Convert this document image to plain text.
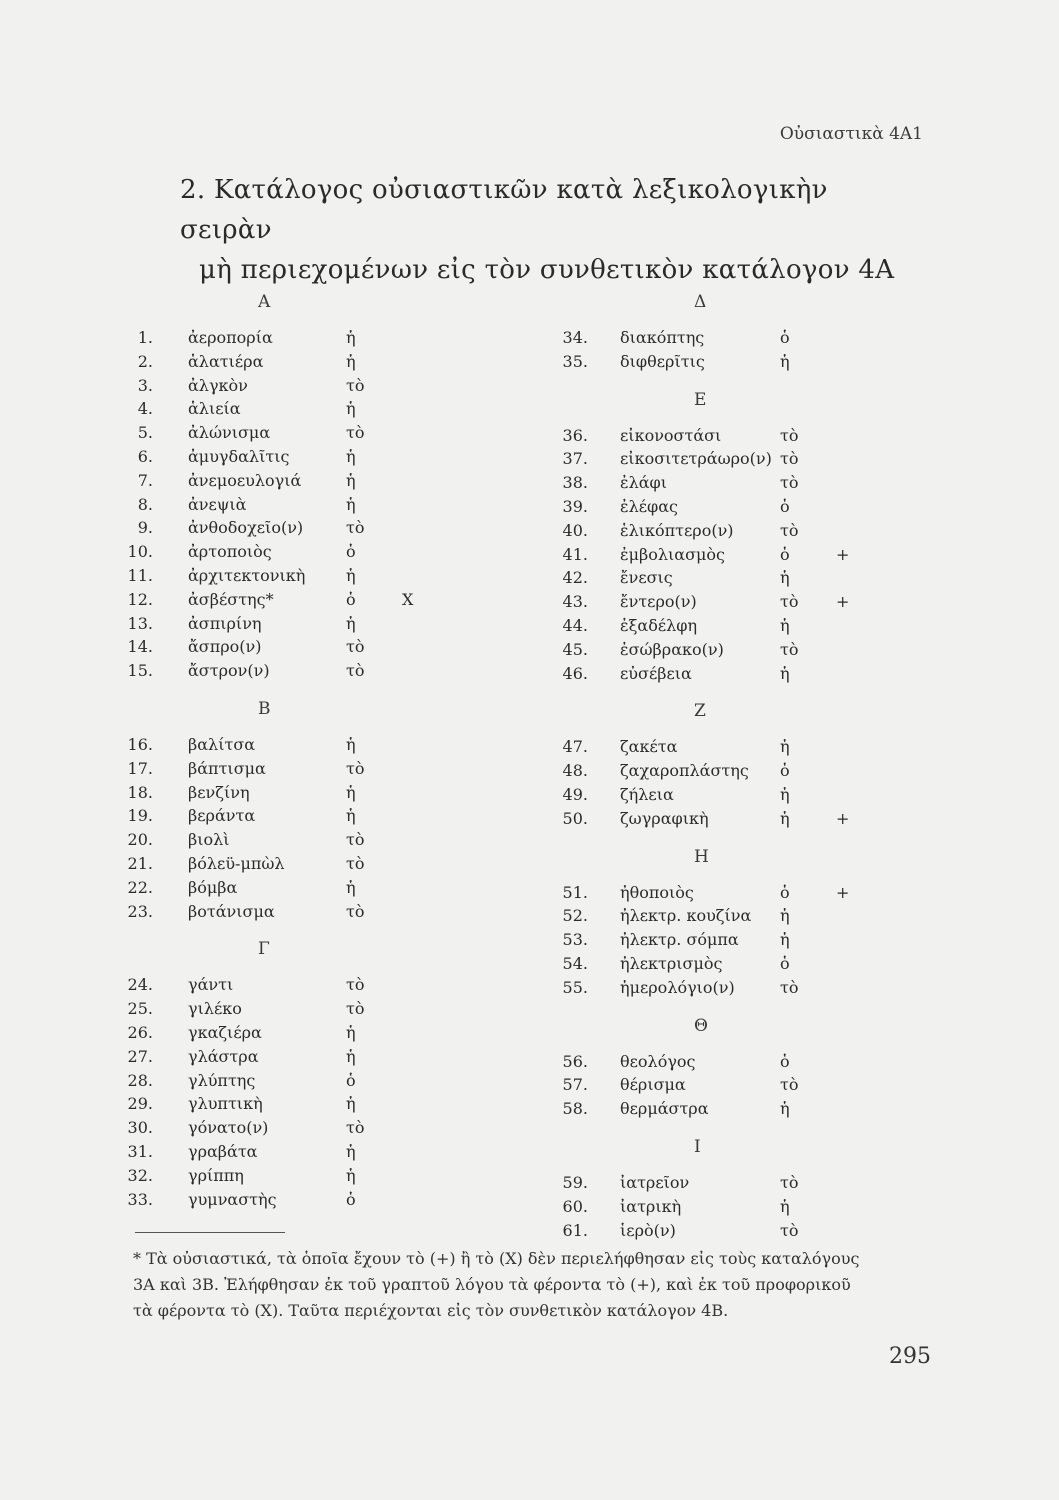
Οὐσιαστικὰ 4Α1
2. Κατάλογος οὐσιαστικῶν κατὰ λεξικολογικὴν σειρὰν
μὴ περιεχομένων εἰς τὸν συνθετικὸν κατάλογον 4Α
Α
1. ἀεροπορία	ἡ
2. ἁλατιέρα	ἡ
3. ἀλγκὸν	τὸ
4. ἁλιεία	ἡ
5. ἀλώνισμα	τὸ
6. ἀμυγδαλῖτις	ἡ
7. ἀνεμοευλογιά	ἡ
8. ἀνεψιὰ	ἡ
9. ἀνθοδοχεῖο(ν)	τὸ
10. ἀρτοποιὸς	ὁ
11. ἀρχιτεκτονικὴ	ἡ
12. ἀσβέστης*	ὁ	Χ
13. ἀσπιρίνη	ἡ
14. ἄσπρο(ν)	τὸ
15. ἄστρον(ν)	τὸ
Β
16. βαλίτσα	ἡ
17. βάπτισμα	τὸ
18. βενζίνη	ἡ
19. βεράντα	ἡ
20. βιολὶ	τὸ
21. βόλεϋ-μπὼλ	τὸ
22. βόμβα	ἡ
23. βοτάνισμα	τὸ
Γ
24. γάντι	τὸ
25. γιλέκο	τὸ
26. γκαζιέρα	ἡ
27. γλάστρα	ἡ
28. γλύπτης	ὁ
29. γλυπτικὴ	ἡ
30. γόνατο(ν)	τὸ
31. γραβάτα	ἡ
32. γρίππη	ἡ
33. γυμναστὴς	ὁ
Δ
34. διακόπτης	ὁ
35. διφθερῖτις	ἡ
Ε
36. εἰκονοστάσι	τὸ
37. εἰκοσιτετράωρο(ν) τὸ
38. ἐλάφι	τὸ
39. ἐλέφας	ὁ
40. ἑλικόπτερο(ν)	τὸ
41. ἐμβολιασμὸς	ὁ	+
42. ἔνεσις	ἡ
43. ἔντερο(ν)	τὸ +
44. ἐξαδέλφη	ἡ
45. ἐσώβρακο(ν)	τὸ
46. εὐσέβεια	ἡ
Ζ
47. ζακέτα	ἡ
48. ζαχαροπλάστης ὁ
49. ζήλεια	ἡ
50. ζωγραφικὴ	ἡ	+
Η
51. ἠθοποιὸς	ὁ	+
52. ἠλεκτρ. κουζίνα ἡ
53. ἠλεκτρ. σόμπα	ἡ
54. ἠλεκτρισμὸς	ὁ
55. ἡμερολόγιο(ν)	τὸ
Θ
56. θεολόγος	ὁ
57. θέρισμα	τὸ
58. θερμάστρα	ἡ
Ι
59. ἰατρεῖον	τὸ
60. ἰατρικὴ	ἡ
61. ἱερὸ(ν)	τὸ
* Τὰ οὐσιαστικά, τὰ ὁποῖα ἔχουν τὸ (+) ἢ τὸ (Χ) δὲν περιελήφθησαν εἰς τοὺς καταλόγους
3Α καὶ 3Β. Ἐλήφθησαν ἐκ τοῦ γραπτοῦ λόγου τὰ φέροντα τὸ (+), καὶ ἐκ τοῦ προφορικοῦ
τὰ φέροντα τὸ (Χ). Ταῦτα περιέχονται εἰς τὸν συνθετικὸν κατάλογον 4Β.
295
